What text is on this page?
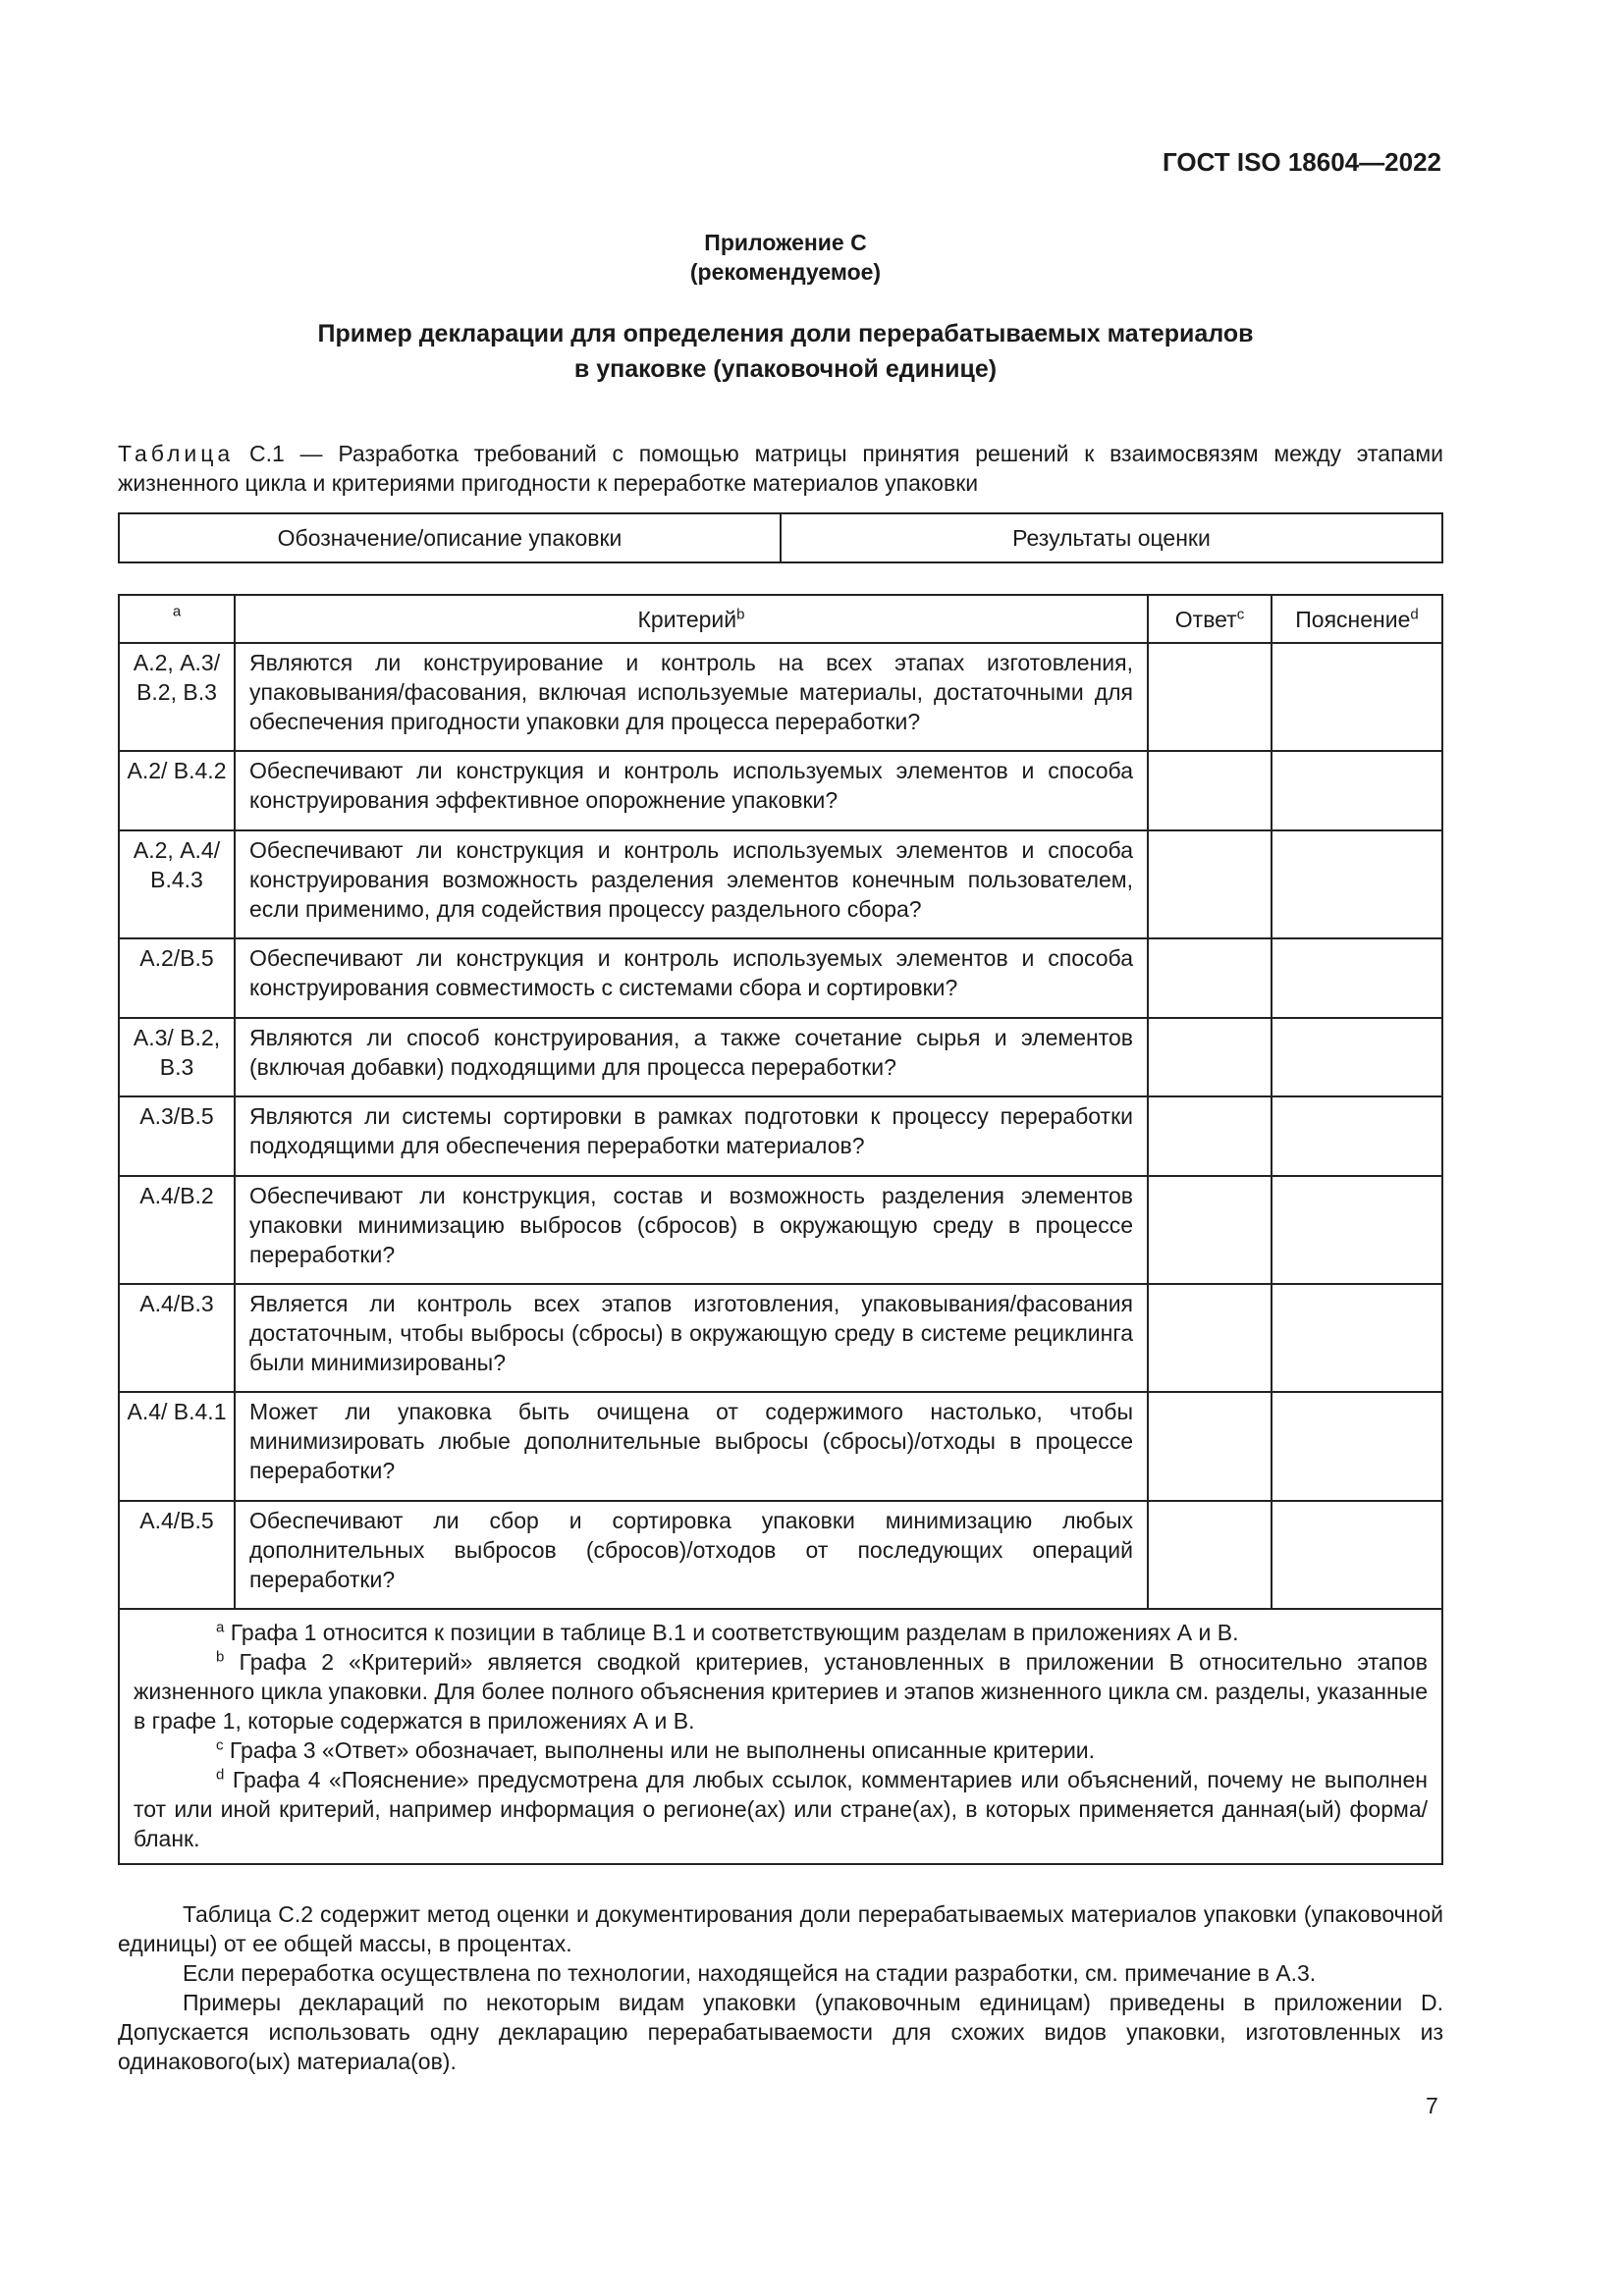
ГОСТ ISO 18604—2022
Приложение С
(рекомендуемое)
Пример декларации для определения доли перерабатываемых материалов
в упаковке (упаковочной единице)
Таблица С.1 — Разработка требований с помощью матрицы принятия решений к взаимосвязям между этапами жизненного цикла и критериями пригодности к переработке материалов упаковки
Обозначение/описание упаковки	Результаты оценки
$^a$	Критерий$^b$	Ответ$^c$	Пояснение$^d$
А.2, А.3/В.2, В.3	Являются ли конструирование и контроль на всех этапах изготовления, упаковывания/фасования, включая используемые материалы, достаточными для обеспечения пригодности упаковки для процесса переработки?		
А.2/ В.4.2	Обеспечивают ли конструкция и контроль используемых элементов и способа конструирования эффективное опорожнение упаковки?		
А.2, А.4/ В.4.3	Обеспечивают ли конструкция и контроль используемых элементов и способа конструирования возможность разделения элементов конечным пользователем, если применимо, для содействия процессу раздельного сбора?		
А.2/В.5	Обеспечивают ли конструкция и контроль используемых элементов и способа конструирования совместимость с системами сбора и сортировки?		
А.3/ В.2, В.3	Являются ли способ конструирования, а также сочетание сырья и элементов (включая добавки) подходящими для процесса переработки?		
А.3/В.5	Являются ли системы сортировки в рамках подготовки к процессу переработки подходящими для обеспечения переработки материалов?		
А.4/В.2	Обеспечивают ли конструкция, состав и возможность разделения элементов упаковки минимизацию выбросов (сбросов) в окружающую среду в процессе переработки?		
А.4/В.3	Является ли контроль всех этапов изготовления, упаковывания/фасования достаточным, чтобы выбросы (сбросы) в окружающую среду в системе рециклинга были минимизированы?		
А.4/ В.4.1	Может ли упаковка быть очищена от содержимого настолько, чтобы минимизировать любые дополнительные выбросы (сбросы)/отходы в процессе переработки?		
А.4/В.5	Обеспечивают ли сбор и сортировка упаковки минимизацию любых дополнительных выбросов (сбросов)/отходов от последующих операций переработки?		

$^a$ Графа 1 относится к позиции в таблице В.1 и соответствующим разделам в приложениях А и В.
$^b$ Графа 2 «Критерий» является сводкой критериев, установленных в приложении В относительно этапов жизненного цикла упаковки. Для более полного объяснения критериев и этапов жизненного цикла см. разделы, указанные в графе 1, которые содержатся в приложениях А и В.
$^c$ Графа 3 «Ответ» обозначает, выполнены или не выполнены описанные критерии.
$^d$ Графа 4 «Пояснение» предусмотрена для любых ссылок, комментариев или объяснений, почему не выполнен тот или иной критерий, например информация о регионе(ах) или стране(ах), в которых применяется данная(ый) форма/бланк.			

Таблица С.2 содержит метод оценки и документирования доли перерабатываемых материалов упаковки (упаковочной единицы) от ее общей массы, в процентах.

Если переработка осуществлена по технологии, находящейся на стадии разработки, см. примечание в А.3.

Примеры деклараций по некоторым видам упаковки (упаковочным единицам) приведены в приложении D. Допускается использовать одну декларацию перерабатываемости для схожих видов упаковки, изготовленных из одинакового(ых) материала(ов).

7
